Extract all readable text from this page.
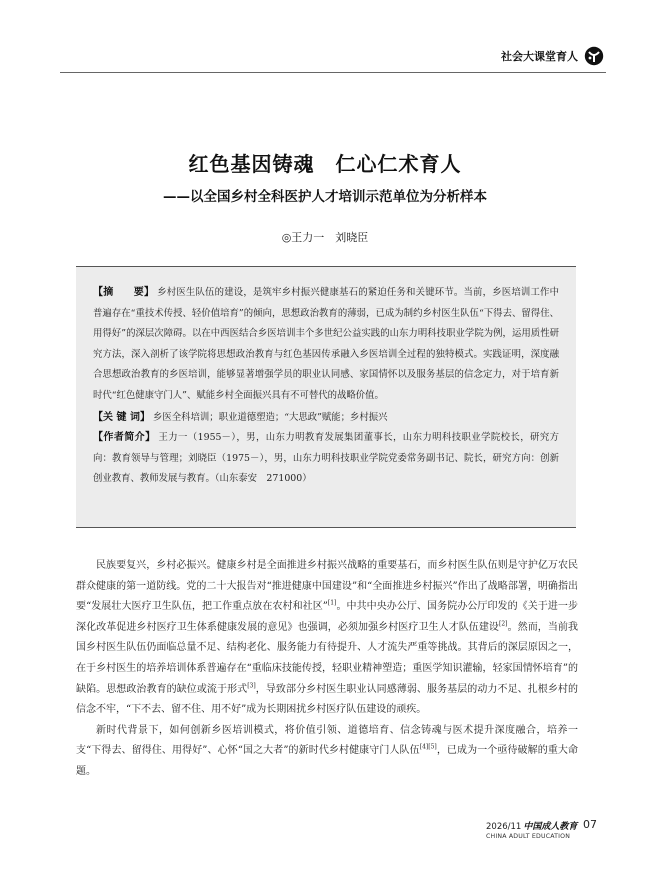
社会大课堂育人
红色基因铸魂　仁心仁术育人
——以全国乡村全科医护人才培训示范单位为分析样本
◎王力一　刘晓臣

【摘　　要】 乡村医生队伍的建设，是筑牢乡村振兴健康基石的紧迫任务和关键环节。当前，乡医培训工作中普遍存在“重技术传授、轻价值培育”的倾向，思想政治教育的薄弱，已成为制约乡村医生队伍“下得去、留得住、用得好”的深层次障碍。以在中西医结合乡医培训丰个多世纪公益实践的山东力明科技职业学院为例，运用质性研究方法，深入剖析了该学院将思想政治教育与红色基因传承融入乡医培训全过程的独特模式。实践证明，深度融合思想政治教育的乡医培训，能够显著增强学员的职业认同感、家国情怀以及服务基层的信念定力，对于培育新时代“红色健康守门人”、赋能乡村全面振兴具有不可替代的战略价值。

【关 键 词】 乡医全科培训；职业道德塑造；“大思政”赋能；乡村振兴

【作者简介】 王力一（1955－），男，山东力明教育发展集团董事长，山东力明科技职业学院校长，研究方向：教育领导与管理；刘晓臣（1975－），男，山东力明科技职业学院党委常务副书记、院长，研究方向：创新创业教育、教师发展与教育。（山东泰安　271000）

民族要复兴，乡村必振兴。健康乡村是全面推进乡村振兴战略的重要基石，而乡村医生队伍则是守护亿万农民群众健康的第一道防线。党的二十大报告对“推进健康中国建设”和“全面推进乡村振兴”作出了战略部署，明确指出要“发展壮大医疗卫生队伍，把工作重点放在农村和社区”[1]。中共中央办公厅、国务院办公厅印发的《关于进一步深化改革促进乡村医疗卫生体系健康发展的意见》也强调，必须加强乡村医疗卫生人才队伍建设[2]。然而，当前我国乡村医生队伍仍面临总量不足、结构老化、服务能力有待提升、人才流失严重等挑战。其背后的深层原因之一，在于乡村医生的培养培训体系普遍存在“重临床技能传授，轻职业精神塑造；重医学知识灌输，轻家国情怀培育”的缺陷。思想政治教育的缺位或流于形式[3]，导致部分乡村医生职业认同感薄弱、服务基层的动力不足、扎根乡村的信念不牢，“下不去、留不住、用不好”成为长期困扰乡村医疗队伍建设的顽疾。

新时代背景下，如何创新乡医培训模式，将价值引领、道德培育、信念铸魂与医术提升深度融合，培养一支“下得去、留得住、用得好”、心怀“国之大者”的新时代乡村健康守门人队伍[4][5]，已成为一个亟待破解的重大命题。

2026/11 中国成人教育
CHINA ADULT EDUCATION
07
